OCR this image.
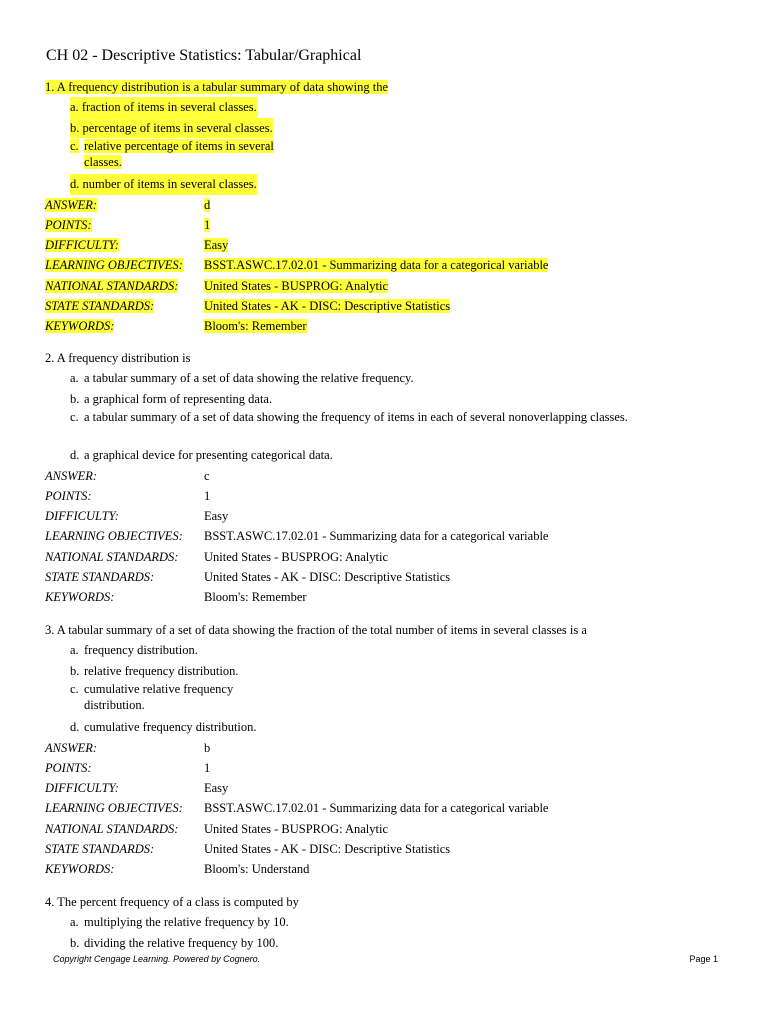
CH 02 - Descriptive Statistics: Tabular/Graphical
1. A frequency distribution is a tabular summary of data showing the
a. fraction of items in several classes.
b. percentage of items in several classes.
c. relative percentage of items in several classes.
d. number of items in several classes.
ANSWER:	d
POINTS:	1
DIFFICULTY:	Easy
LEARNING OBJECTIVES:	BSST.ASWC.17.02.01 - Summarizing data for a categorical variable
NATIONAL STANDARDS:	United States - BUSPROG: Analytic
STATE STANDARDS:	United States - AK - DISC: Descriptive Statistics
KEYWORDS:	Bloom's: Remember
2. A frequency distribution is
a. a tabular summary of a set of data showing the relative frequency.
b. a graphical form of representing data.
c. a tabular summary of a set of data showing the frequency of items in each of several nonoverlapping classes.
d. a graphical device for presenting categorical data.
ANSWER:	c
POINTS:	1
DIFFICULTY:	Easy
LEARNING OBJECTIVES:	BSST.ASWC.17.02.01 - Summarizing data for a categorical variable
NATIONAL STANDARDS:	United States - BUSPROG: Analytic
STATE STANDARDS:	United States - AK - DISC: Descriptive Statistics
KEYWORDS:	Bloom's: Remember
3. A tabular summary of a set of data showing the fraction of the total number of items in several classes is a
a. frequency distribution.
b. relative frequency distribution.
c. cumulative relative frequency distribution.
d. cumulative frequency distribution.
ANSWER:	b
POINTS:	1
DIFFICULTY:	Easy
LEARNING OBJECTIVES:	BSST.ASWC.17.02.01 - Summarizing data for a categorical variable
NATIONAL STANDARDS:	United States - BUSPROG: Analytic
STATE STANDARDS:	United States - AK - DISC: Descriptive Statistics
KEYWORDS:	Bloom's: Understand
4. The percent frequency of a class is computed by
a. multiplying the relative frequency by 10.
b. dividing the relative frequency by 100.
Copyright Cengage Learning. Powered by Cognero.	Page 1
